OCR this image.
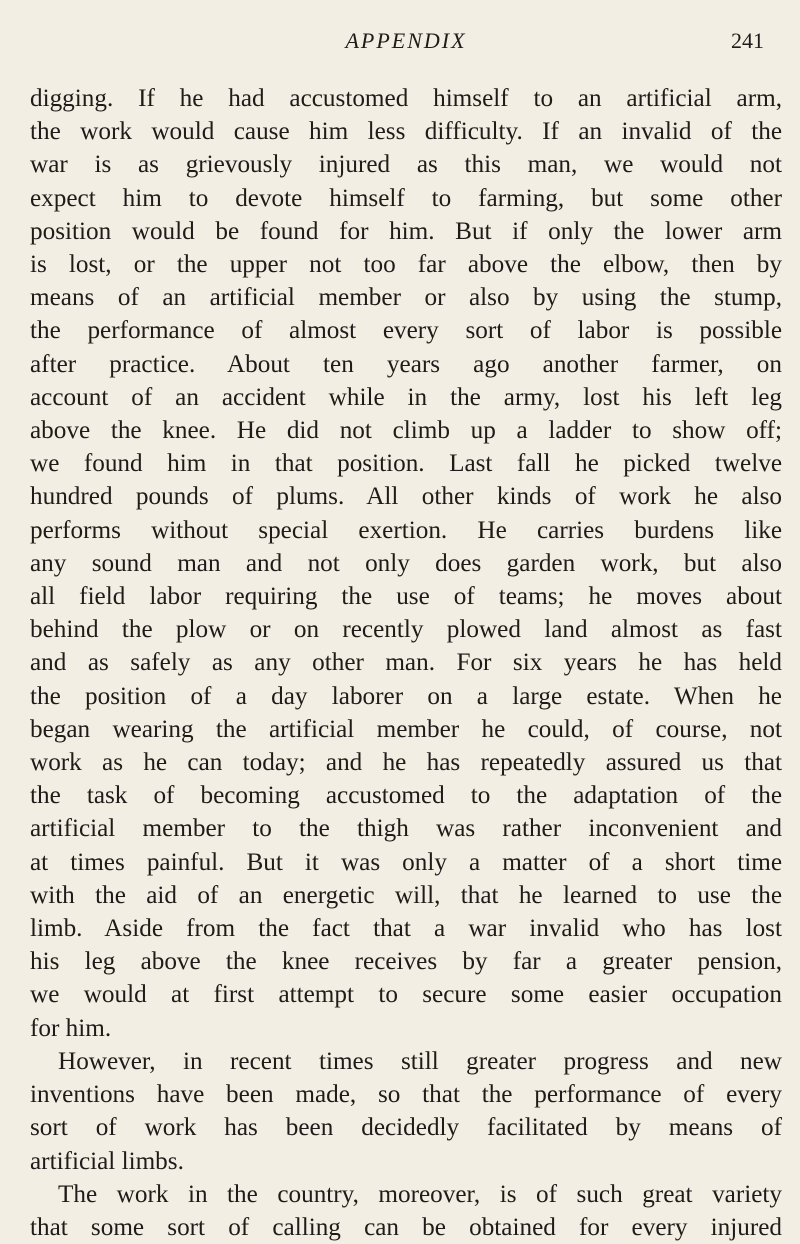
APPENDIX	241
digging. If he had accustomed himself to an artificial arm,
the work would cause him less difficulty. If an invalid of the
war is as grievously injured as this man, we would not
expect him to devote himself to farming, but some other
position would be found for him. But if only the lower arm
is lost, or the upper not too far above the elbow, then by
means of an artificial member or also by using the stump,
the performance of almost every sort of labor is possible
after practice. About ten years ago another farmer, on
account of an accident while in the army, lost his left leg
above the knee. He did not climb up a ladder to show off;
we found him in that position. Last fall he picked twelve
hundred pounds of plums. All other kinds of work he also
performs without special exertion. He carries burdens like
any sound man and not only does garden work, but also
all field labor requiring the use of teams; he moves about
behind the plow or on recently plowed land almost as fast
and as safely as any other man. For six years he has held
the position of a day laborer on a large estate. When he
began wearing the artificial member he could, of course, not
work as he can today; and he has repeatedly assured us that
the task of becoming accustomed to the adaptation of the
artificial member to the thigh was rather inconvenient and
at times painful. But it was only a matter of a short time
with the aid of an energetic will, that he learned to use the
limb. Aside from the fact that a war invalid who has lost
his leg above the knee receives by far a greater pension,
we would at first attempt to secure some easier occupation
for him.
However, in recent times still greater progress and new
inventions have been made, so that the performance of every
sort of work has been decidedly facilitated by means of
artificial limbs.
The work in the country, moreover, is of such great variety
that some sort of calling can be obtained for every injured
